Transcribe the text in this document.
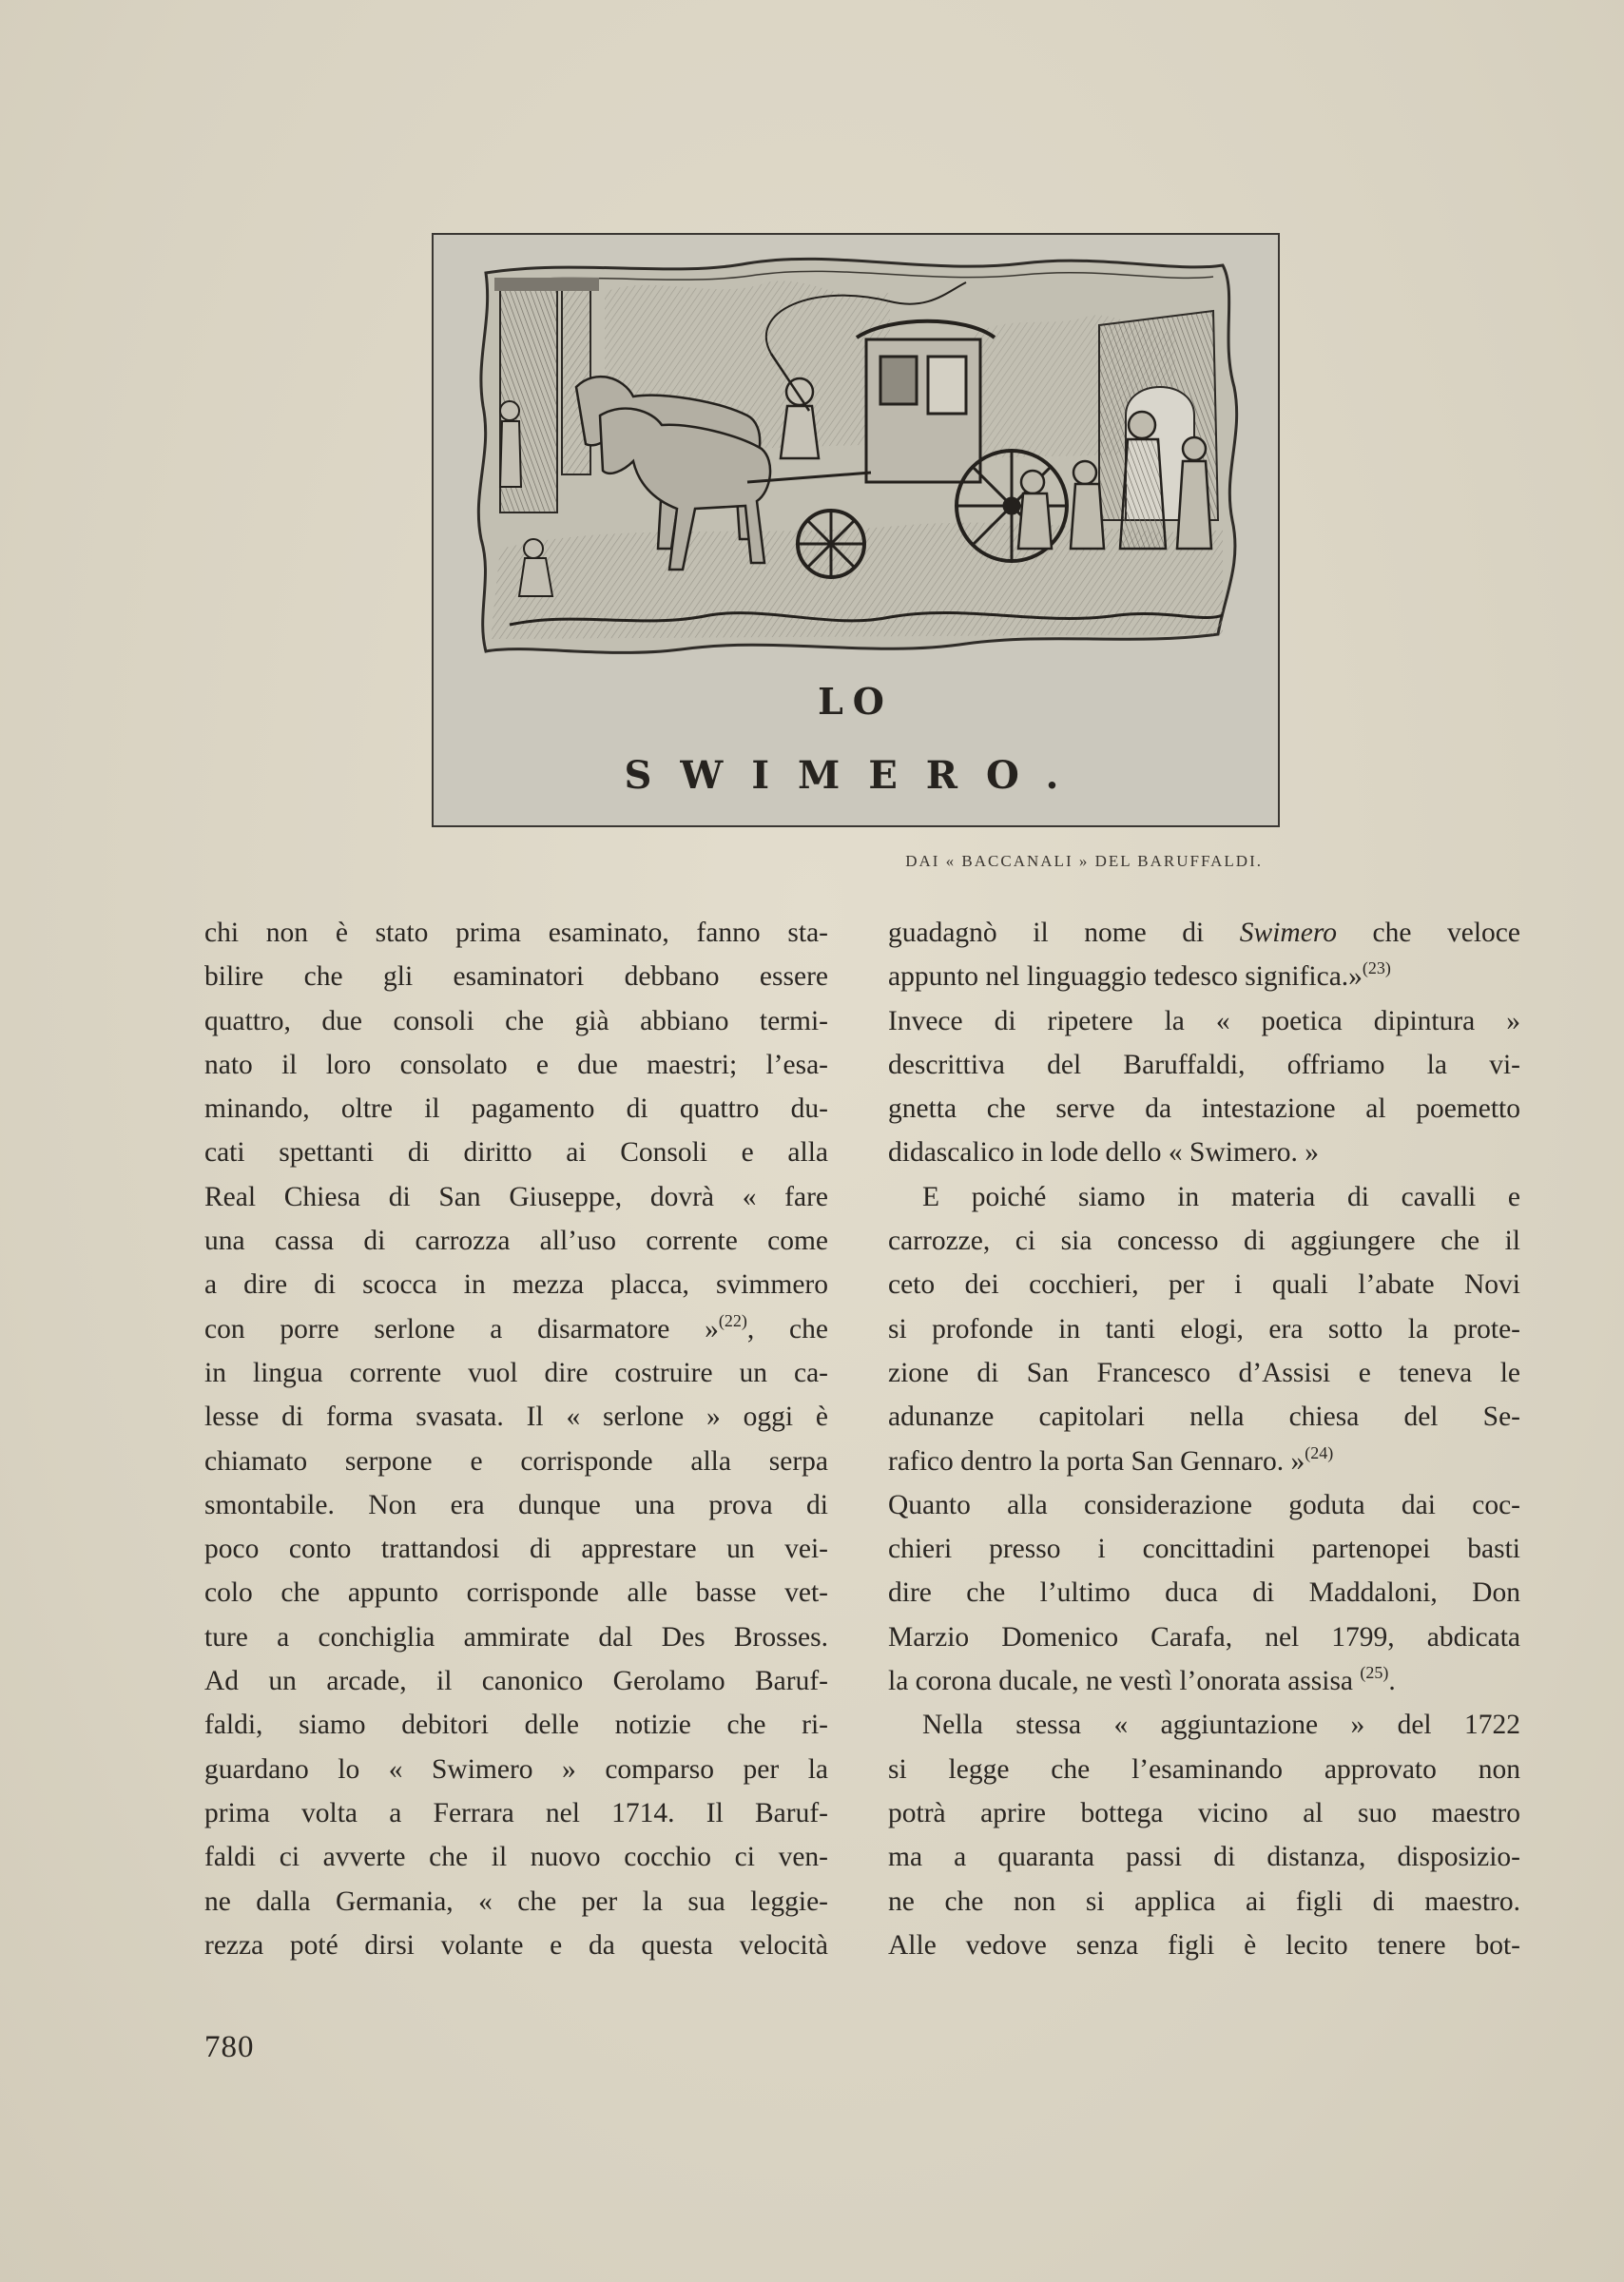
LO
SWIMERO.
DAI « BACCANALI » DEL BARUFFALDI.
chi non è stato prima esaminato, fanno sta-
bilire che gli esaminatori debbano essere
quattro, due consoli che già abbiano termi-
nato il loro consolato e due maestri; l’esa-
minando, oltre il pagamento di quattro du-
cati spettanti di diritto ai Consoli e alla
Real Chiesa di San Giuseppe, dovrà « fare
una cassa di carrozza all’uso corrente come
a dire di scocca in mezza placca, svimmero
con porre serlone a disarmatore »$^{(22)}$, che
in lingua corrente vuol dire costruire un ca-
lesse di forma svasata. Il « serlone » oggi è
chiamato serpone e corrisponde alla serpa
smontabile. Non era dunque una prova di
poco conto trattandosi di apprestare un vei-
colo che appunto corrisponde alle basse vet-
ture a conchiglia ammirate dal Des Brosses.
Ad un arcade, il canonico Gerolamo Baruf-
faldi, siamo debitori delle notizie che ri-
guardano lo « Swimero » comparso per la
prima volta a Ferrara nel 1714. Il Baruf-
faldi ci avverte che il nuovo cocchio ci ven-
ne dalla Germania, « che per la sua leggie-
rezza poté dirsi volante e da questa velocità
guadagnò il nome di Swimero che veloce
appunto nel linguaggio tedesco significa.»$^{(23)}$
Invece di ripetere la « poetica dipintura »
descrittiva del Baruffaldi, offriamo la vi-
gnetta che serve da intestazione al poemetto
didascalico in lode dello « Swimero. »
E poiché siamo in materia di cavalli e
carrozze, ci sia concesso di aggiungere che il
ceto dei cocchieri, per i quali l’abate Novi
si profonde in tanti elogi, era sotto la prote-
zione di San Francesco d’Assisi e teneva le
adunanze capitolari nella chiesa del Se-
rafico dentro la porta San Gennaro. »$^{(24)}$
Quanto alla considerazione goduta dai coc-
chieri presso i concittadini partenopei basti
dire che l’ultimo duca di Maddaloni, Don
Marzio Domenico Carafa, nel 1799, abdicata
la corona ducale, ne vestì l’onorata assisa $^{(25)}$.
Nella stessa « aggiuntazione » del 1722
si legge che l’esaminando approvato non
potrà aprire bottega vicino al suo maestro
ma a quaranta passi di distanza, disposizio-
ne che non si applica ai figli di maestro.
Alle vedove senza figli è lecito tenere bot-
780
